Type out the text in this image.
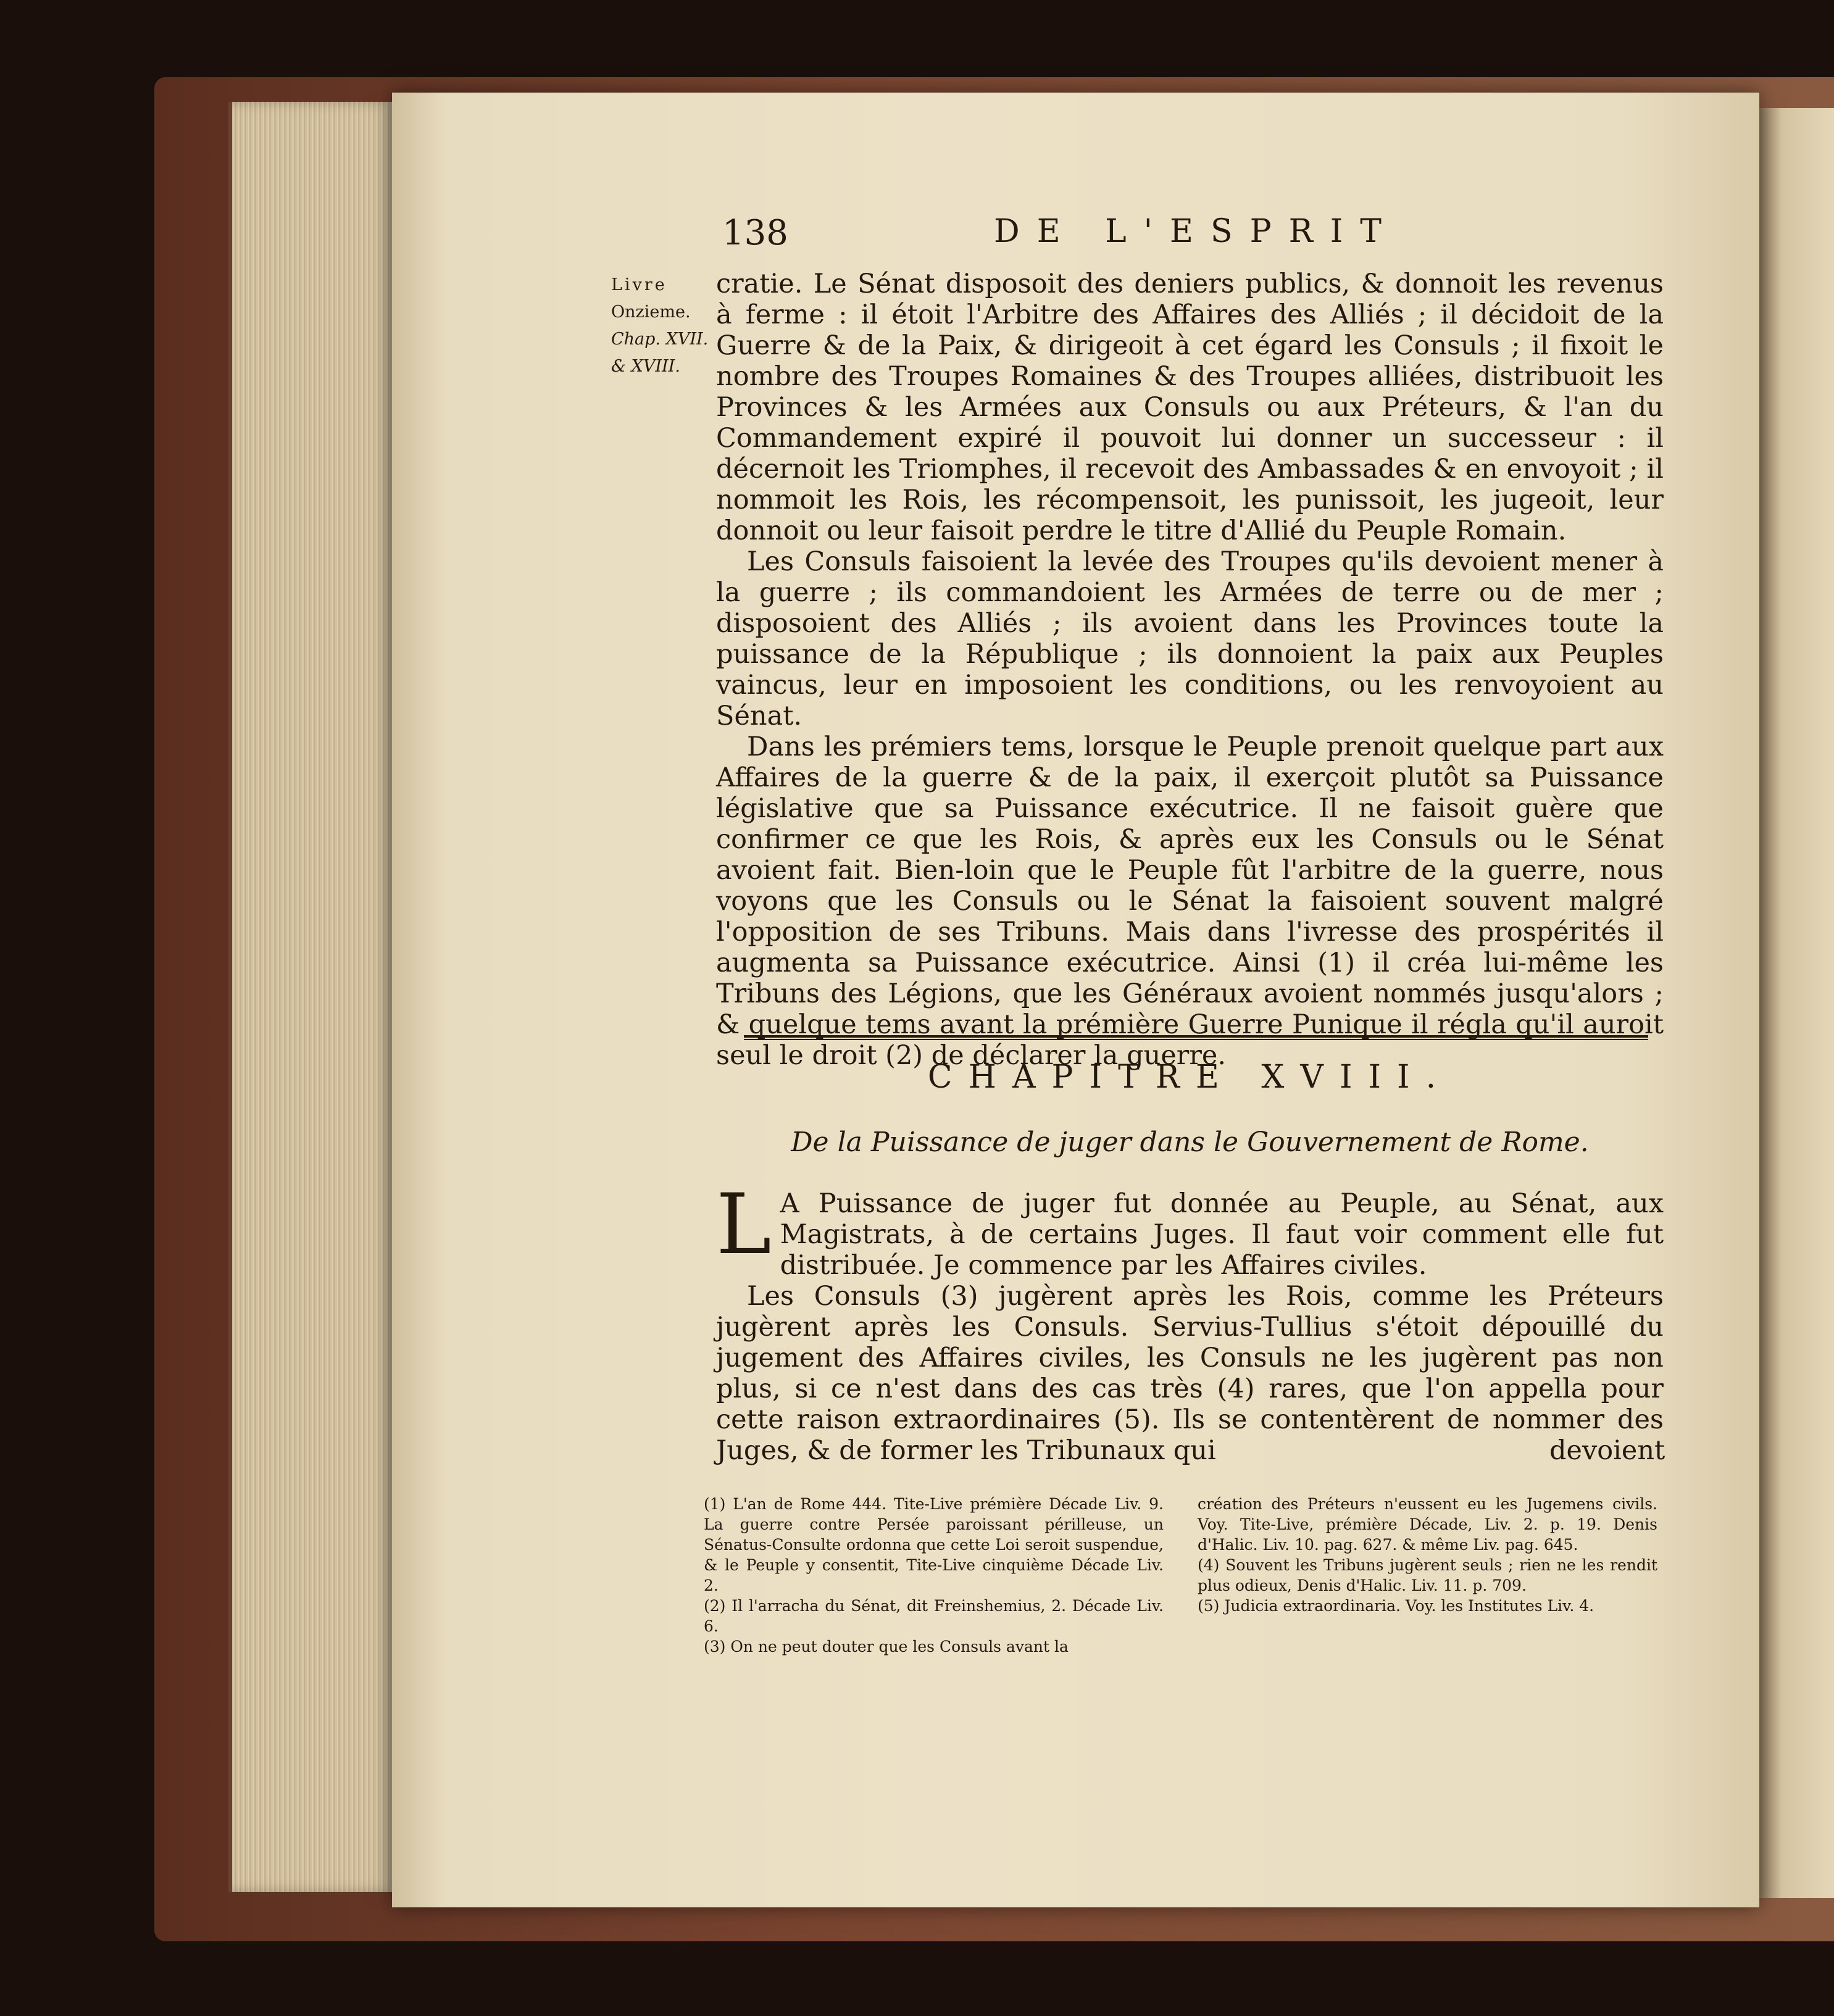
138	DE L'ESPRIT
Livre
Onzieme.
Chap. XVII.
& XVIII.

cratie. Le Sénat disposoit des deniers publics, & donnoit les revenus à ferme : il étoit l'Arbitre des Affaires des Alliés ; il décidoit de la Guerre & de la Paix, & dirigeoit à cet égard les Consuls ; il fixoit le nombre des Troupes Romaines & des Troupes alliées, distribuoit les Provinces & les Armées aux Consuls ou aux Préteurs, & l'an du Commandement expiré il pouvoit lui donner un successeur : il décernoit les Triomphes, il recevoit des Ambassades & en envoyoit ; il nommoit les Rois, les récompensoit, les punissoit, les jugeoit, leur donnoit ou leur faisoit perdre le titre d'Allié du Peuple Romain.

Les Consuls faisoient la levée des Troupes qu'ils devoient mener à la guerre ; ils commandoient les Armées de terre ou de mer ; disposoient des Alliés ; ils avoient dans les Provinces toute la puissance de la République ; ils donnoient la paix aux Peuples vaincus, leur en imposoient les conditions, ou les renvoyoient au Sénat.

Dans les prémiers tems, lorsque le Peuple prenoit quelque part aux Affaires de la guerre & de la paix, il exerçoit plutôt sa Puissance législative que sa Puissance exécutrice. Il ne faisoit guère que confirmer ce que les Rois, & après eux les Consuls ou le Sénat avoient fait. Bien-loin que le Peuple fût l'arbitre de la guerre, nous voyons que les Consuls ou le Sénat la faisoient souvent malgré l'opposition de ses Tribuns. Mais dans l'ivresse des prospérités il augmenta sa Puissance exécutrice. Ainsi (1) il créa lui-même les Tribuns des Légions, que les Généraux avoient nommés jusqu'alors ; & quelque tems avant la prémière Guerre Punique il régla qu'il auroit seul le droit (2) de déclarer la guerre.

CHAPITRE XVIII.
De la Puissance de juger dans le Gouvernement de Rome.

L A Puissance de juger fut donnée au Peuple, au Sénat, aux Magistrats, à de certains Juges. Il faut voir comment elle fut distribuée. Je commence par les Affaires civiles.

Les Consuls (3) jugèrent après les Rois, comme les Préteurs jugèrent après les Consuls. Servius-Tullius s'étoit dépouillé du jugement des Affaires civiles, les Consuls ne les jugèrent pas non plus, si ce n'est dans des cas très (4) rares, que l'on appella pour cette raison extraordinaires (5). Ils se contentèrent de nommer des Juges, & de former les Tribunaux qui	devoient

(1) L'an de Rome 444. Tite-Live prémière Décade Liv. 9. La guerre contre Persée paroissant périlleuse, un Sénatus-Consulte ordonna que cette Loi seroit suspendue, & le Peuple y consentit, Tite-Live cinquième Décade Liv. 2.

(2) Il l'arracha du Sénat, dit Freinshemius, 2. Décade Liv. 6.

(3) On ne peut douter que les Consuls avant la

création des Préteurs n'eussent eu les Jugemens civils. Voy. Tite-Live, prémière Décade, Liv. 2. p. 19. Denis d'Halic. Liv. 10. pag. 627. & même Liv. pag. 645.

(4) Souvent les Tribuns jugèrent seuls ; rien ne les rendit plus odieux, Denis d'Halic. Liv. 11. p. 709.

(5) Judicia extraordinaria. Voy. les Institutes Liv. 4.
